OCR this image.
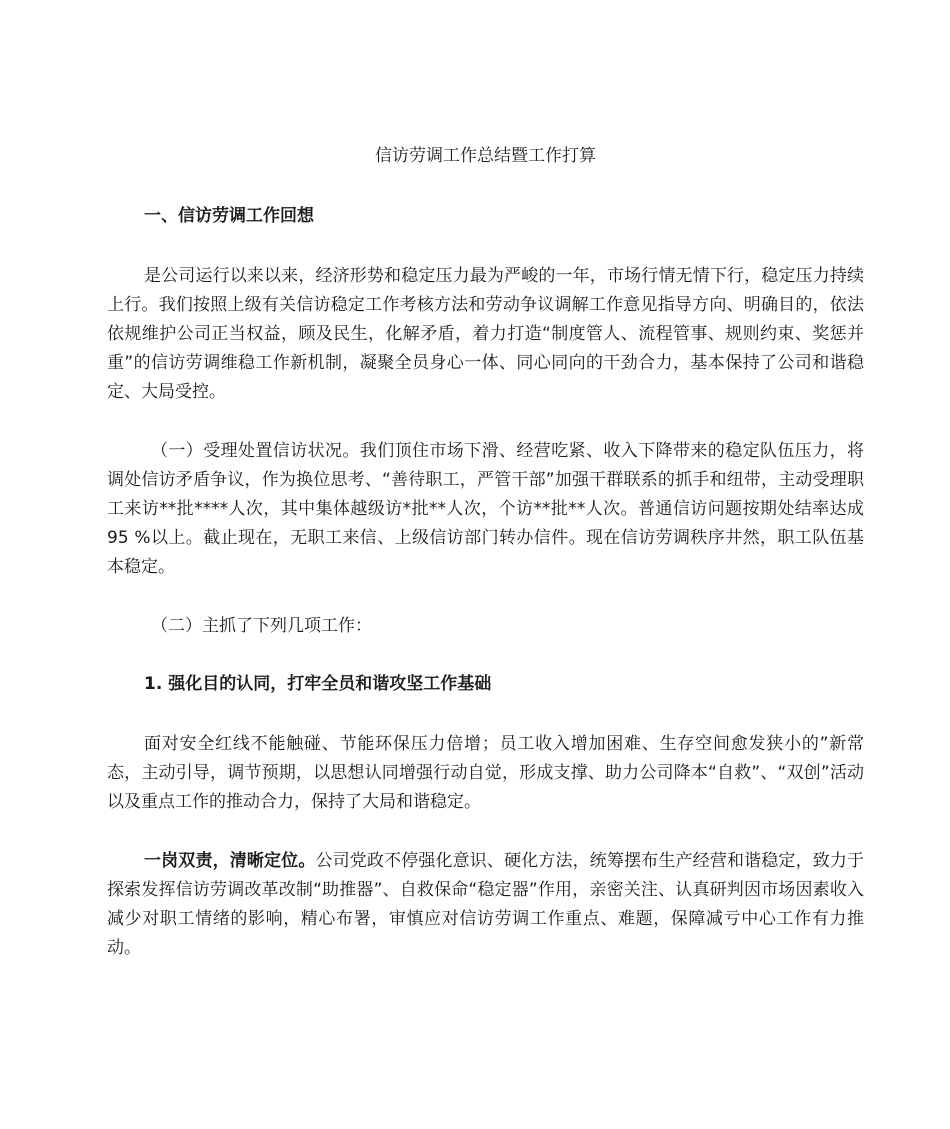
信访劳调工作总结暨工作打算

一、信访劳调工作回想

是公司运行以来以来，经济形势和稳定压力最为严峻的一年，市场行情无情下行，稳定压力持续上行。我们按照上级有关信访稳定工作考核方法和劳动争议调解工作意见指导方向、明确目的，依法依规维护公司正当权益，顾及民生，化解矛盾，着力打造“制度管人、流程管事、规则约束、奖惩并重”的信访劳调维稳工作新机制，凝聚全员身心一体、同心同向的干劲合力，基本保持了公司和谐稳定、大局受控。

（一）受理处置信访状况。我们顶住市场下滑、经营吃紧、收入下降带来的稳定队伍压力，将调处信访矛盾争议，作为换位思考、“善待职工，严管干部”加强干群联系的抓手和纽带，主动受理职工来访**批****人次，其中集体越级访*批**人次，个访**批**人次。普通信访问题按期处结率达成 95 %以上。截止现在，无职工来信、上级信访部门转办信件。现在信访劳调秩序井然，职工队伍基本稳定。

（二）主抓了下列几项工作：

1. 强化目的认同，打牢全员和谐攻坚工作基础

面对安全红线不能触碰、节能环保压力倍增；员工收入增加困难、生存空间愈发狭小的”新常态，主动引导，调节预期，以思想认同增强行动自觉，形成支撑、助力公司降本“自救”、“双创”活动以及重点工作的推动合力，保持了大局和谐稳定。

一岗双责，清晰定位。公司党政不停强化意识、硬化方法，统筹摆布生产经营和谐稳定，致力于探索发挥信访劳调改革改制“助推器”、自救保命“稳定器”作用，亲密关注、认真研判因市场因素收入减少对职工情绪的影响，精心布署，审慎应对信访劳调工作重点、难题，保障减亏中心工作有力推动。
